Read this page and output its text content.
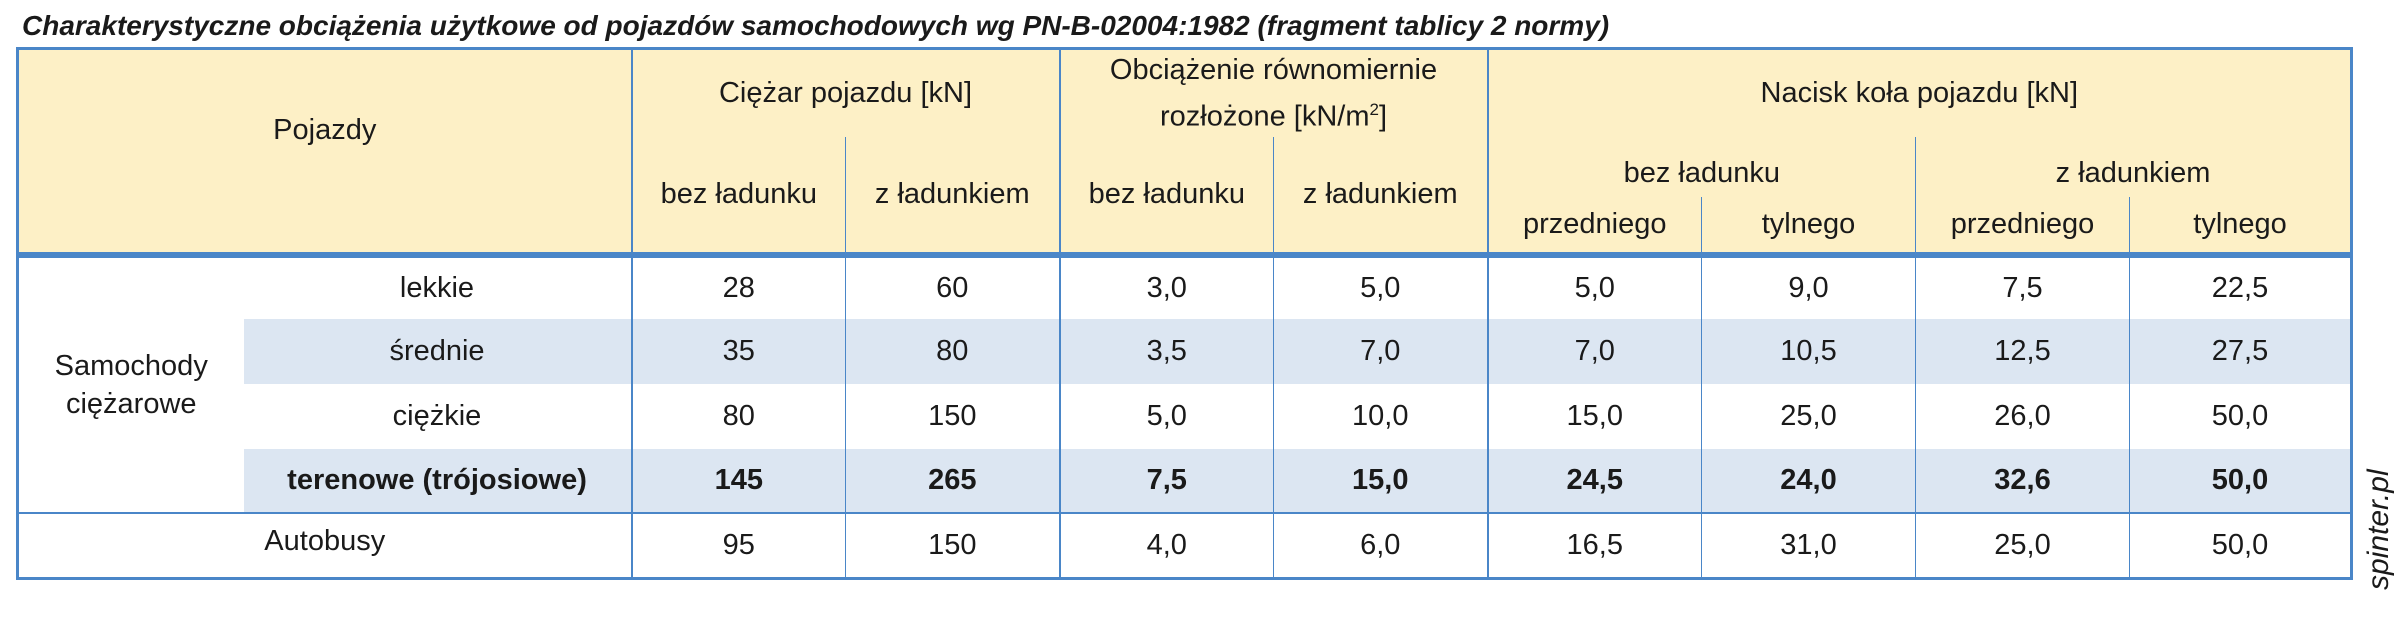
Charakterystyczne obciążenia użytkowe od pojazdów samochodowych wg PN-B-02004:1982 (fragment tablicy 2 normy)
Pojazdy		Ciężar pojazdu [kN]		Obciążenie równomiernie
rozłożone $[kN/m^2]$		Nacisk koła pojazdu [kN]			
		bez ładunku	z ładunkiem	bez ładunku	z ładunkiem	bez ładunku		z ładunkiem	
						przedniego	tylnego	przedniego	tylnego
Samochody
ciężarowe	lekkie	28	60	3,0	5,0	5,0	9,0	7,5	22,5
	średnie	35	80	3,5	7,0	7,0	10,5	12,5	27,5
	ciężkie	80	150	5,0	10,0	15,0	25,0	26,0	50,0
	terenowe (trójosiowe)	145	265	7,5	15,0	24,5	24,0	32,6	50,0
Autobusy		95	150	4,0	6,0	16,5	31,0	25,0	50,0	spinter.pl
